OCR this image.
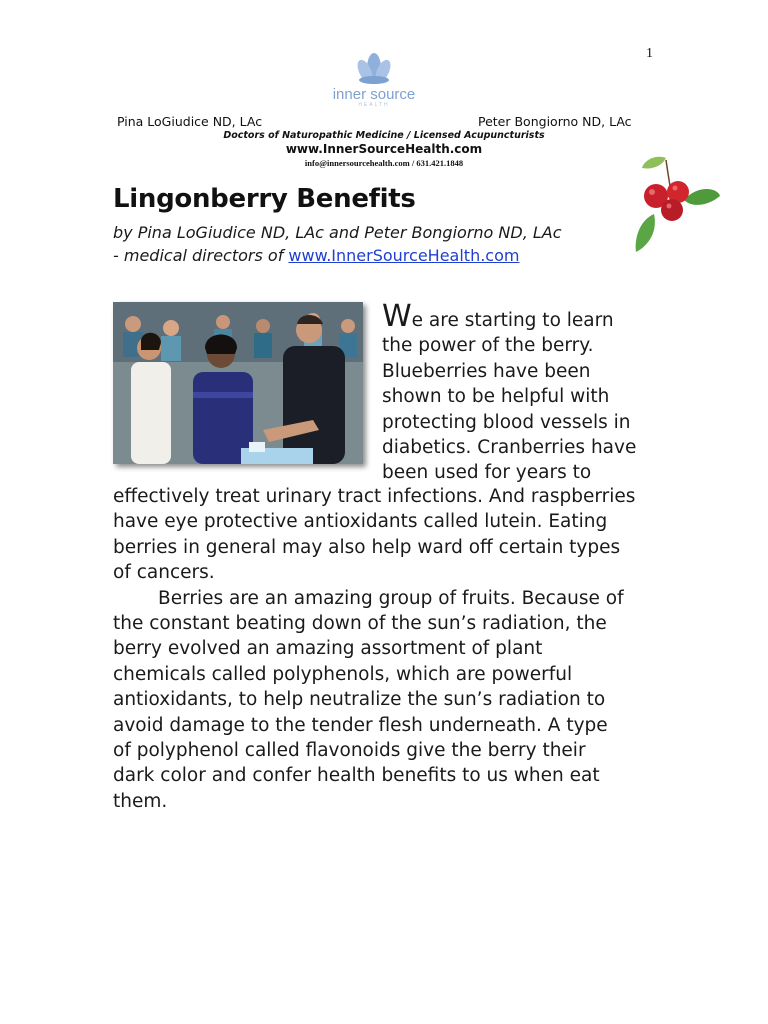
1
inner source
HEALTH
Pina LoGiudice ND, LAc	Peter Bongiorno ND, LAc
Doctors of Naturopathic Medicine / Licensed Acupuncturists
www.InnerSourceHealth.com
info@innersourcehealth.com / 631.421.1848
Lingonberry Benefits
by Pina LoGiudice ND, LAc and Peter Bongiorno ND, LAc
- medical directors of www.InnerSourceHealth.com
We are starting to learn
the power of the berry.
Blueberries have been
shown to be helpful with
protecting blood vessels in
diabetics. Cranberries have
been used for years to
effectively treat urinary tract infections. And raspberries
have eye protective antioxidants called lutein. Eating
berries in general may also help ward off certain types
of cancers.
Berries are an amazing group of fruits. Because of
the constant beating down of the sun’s radiation, the
berry evolved an amazing assortment of plant
chemicals called polyphenols, which are powerful
antioxidants, to help neutralize the sun’s radiation to
avoid damage to the tender flesh underneath. A type
of polyphenol called flavonoids give the berry their
dark color and confer health benefits to us when eat
them.
